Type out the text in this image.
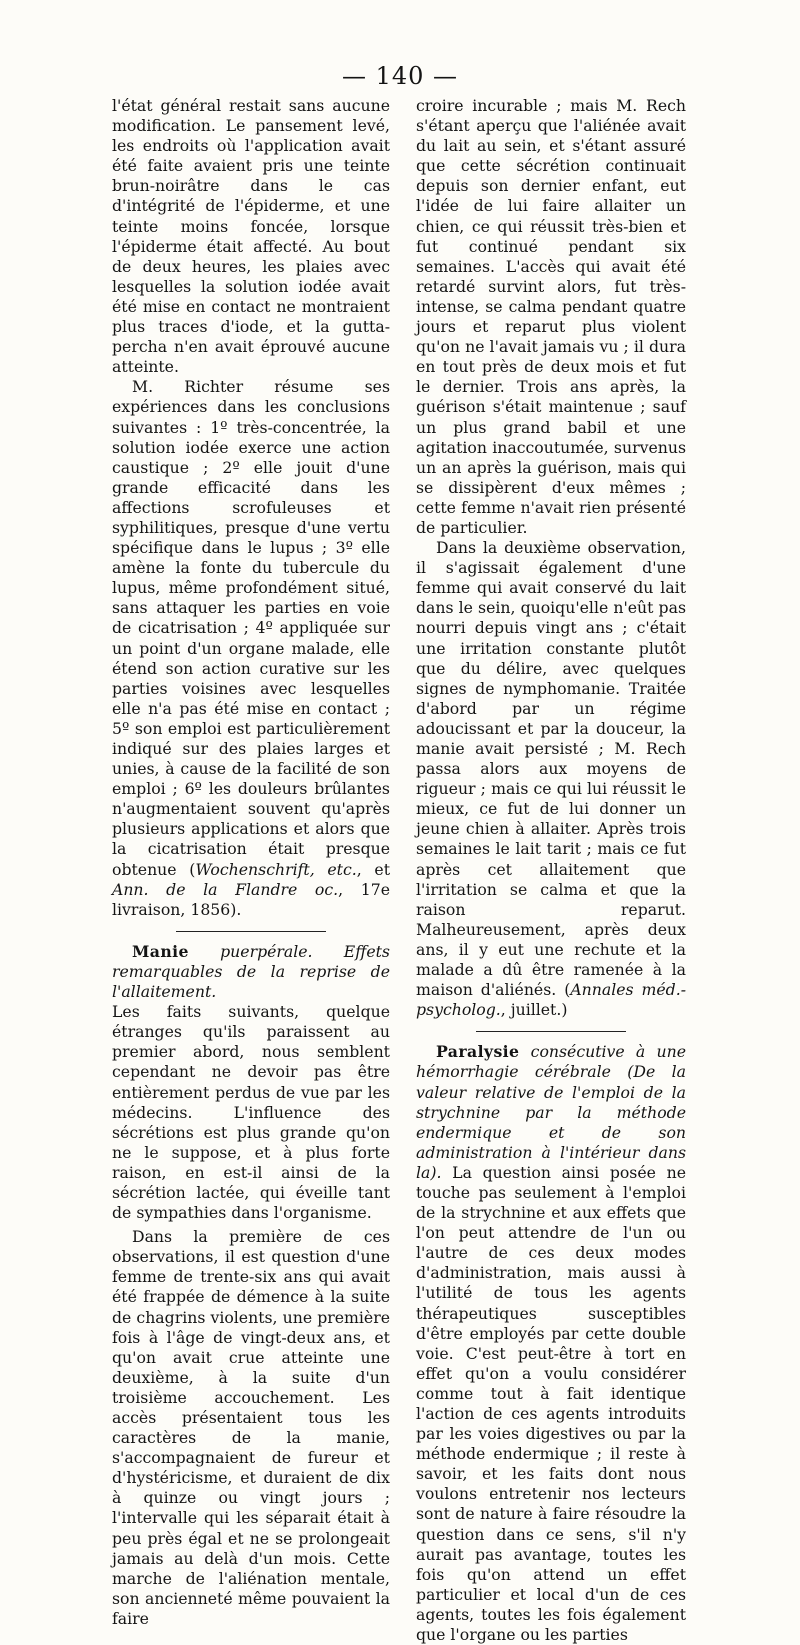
— 140 —

l'état général restait sans aucune modification. Le pansement levé, les endroits où l'application avait été faite avaient pris une teinte brun-noirâtre dans le cas d'intégrité de l'épiderme, et une teinte moins foncée, lorsque l'épiderme était affecté. Au bout de deux heures, les plaies avec lesquelles la solution iodée avait été mise en contact ne montraient plus traces d'iode, et la gutta-percha n'en avait éprouvé aucune atteinte.

M. Richter résume ses expériences dans les conclusions suivantes : 1º très-concentrée, la solution iodée exerce une action caustique ; 2º elle jouit d'une grande efficacité dans les affections scrofuleuses et syphilitiques, presque d'une vertu spécifique dans le lupus ; 3º elle amène la fonte du tubercule du lupus, même profondément situé, sans attaquer les parties en voie de cicatrisation ; 4º appliquée sur un point d'un organe malade, elle étend son action curative sur les parties voisines avec lesquelles elle n'a pas été mise en contact ; 5º son emploi est particulièrement indiqué sur des plaies larges et unies, à cause de la facilité de son emploi ; 6º les douleurs brûlantes n'augmentaient souvent qu'après plusieurs applications et alors que la cicatrisation était presque obtenue (Wochenschrift, etc., et Ann. de la Flandre oc., 17e livraison, 1856).

Manie puerpérale. Effets remarquables de la reprise de l'allaitement.

Les faits suivants, quelque étranges qu'ils paraissent au premier abord, nous semblent cependant ne devoir pas être entièrement perdus de vue par les médecins. L'influence des sécrétions est plus grande qu'on ne le suppose, et à plus forte raison, en est-il ainsi de la sécrétion lactée, qui éveille tant de sympathies dans l'organisme.

Dans la première de ces observations, il est question d'une femme de trente-six ans qui avait été frappée de démence à la suite de chagrins violents, une première fois à l'âge de vingt-deux ans, et qu'on avait crue atteinte une deuxième, à la suite d'un troisième accouchement. Les accès présentaient tous les caractères de la manie, s'accompagnaient de fureur et d'hystéricisme, et duraient de dix à quinze ou vingt jours ; l'intervalle qui les séparait était à peu près égal et ne se prolongeait jamais au delà d'un mois. Cette marche de l'aliénation mentale, son ancienneté même pouvaient la faire

croire incurable ; mais M. Rech s'étant aperçu que l'aliénée avait du lait au sein, et s'étant assuré que cette sécrétion continuait depuis son dernier enfant, eut l'idée de lui faire allaiter un chien, ce qui réussit très-bien et fut continué pendant six semaines. L'accès qui avait été retardé survint alors, fut très-intense, se calma pendant quatre jours et reparut plus violent qu'on ne l'avait jamais vu ; il dura en tout près de deux mois et fut le dernier. Trois ans après, la guérison s'était maintenue ; sauf un plus grand babil et une agitation inaccoutumée, survenus un an après la guérison, mais qui se dissipèrent d'eux mêmes ; cette femme n'avait rien présenté de particulier.

Dans la deuxième observation, il s'agissait également d'une femme qui avait conservé du lait dans le sein, quoiqu'elle n'eût pas nourri depuis vingt ans ; c'était une irritation constante plutôt que du délire, avec quelques signes de nymphomanie. Traitée d'abord par un régime adoucissant et par la douceur, la manie avait persisté ; M. Rech passa alors aux moyens de rigueur ; mais ce qui lui réussit le mieux, ce fut de lui donner un jeune chien à allaiter. Après trois semaines le lait tarit ; mais ce fut après cet allaitement que l'irritation se calma et que la raison reparut. Malheureusement, après deux ans, il y eut une rechute et la malade a dû être ramenée à la maison d'aliénés. (Annales méd.-psycholog., juillet.)

Paralysie consécutive à une hémorrhagie cérébrale (De la valeur relative de l'emploi de la strychnine par la méthode endermique et de son administration à l'intérieur dans la). La question ainsi posée ne touche pas seulement à l'emploi de la strychnine et aux effets que l'on peut attendre de l'un ou l'autre de ces deux modes d'administration, mais aussi à l'utilité de tous les agents thérapeutiques susceptibles d'être employés par cette double voie. C'est peut-être à tort en effet qu'on a voulu considérer comme tout à fait identique l'action de ces agents introduits par les voies digestives ou par la méthode endermique ; il reste à savoir, et les faits dont nous voulons entretenir nos lecteurs sont de nature à faire résoudre la question dans ce sens, s'il n'y aurait pas avantage, toutes les fois qu'on attend un effet particulier et local d'un de ces agents, toutes les fois également que l'organe ou les parties
